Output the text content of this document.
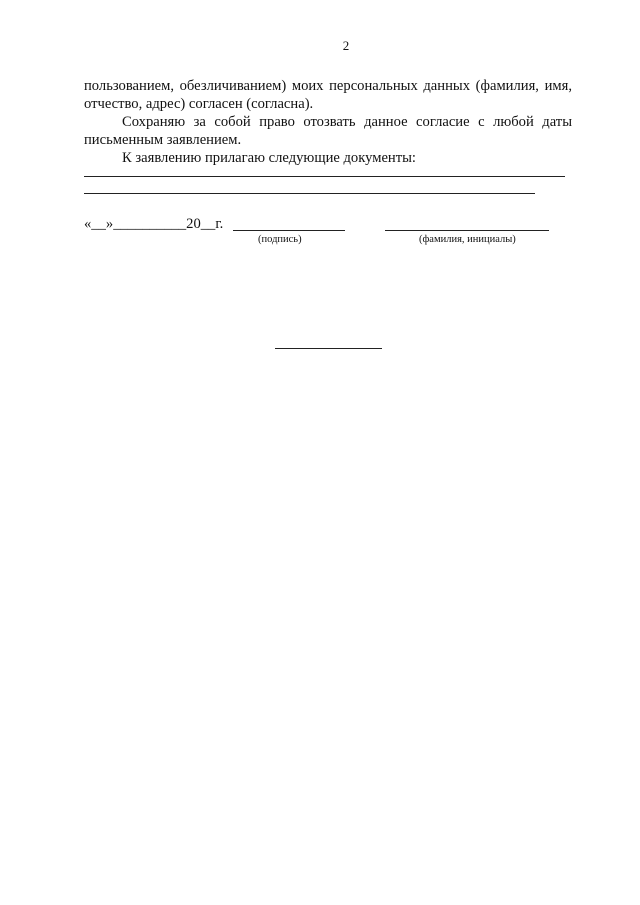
2

пользованием, обезличиванием) моих персональных данных (фамилия, имя, отчество, адрес) согласен (согласна).

Сохраняю за собой право отозвать данное согласие с любой даты письменным заявлением.

К заявлению прилагаю следующие документы:

«__»__________20__г.
(подпись)	(фамилия, инициалы)
